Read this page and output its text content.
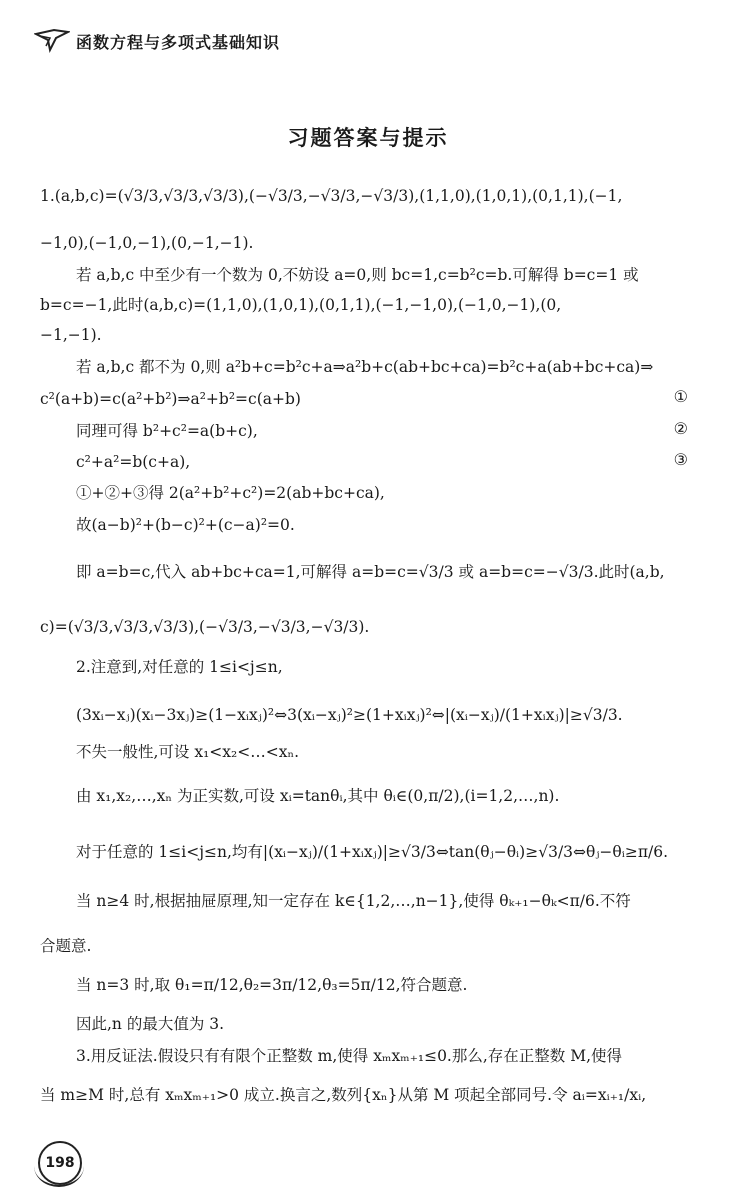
函数方程与多项式基础知识
习题答案与提示
1.(a,b,c)=(√3/3,√3/3,√3/3),(−√3/3,−√3/3,−√3/3),(1,1,0),(1,0,1),(0,1,1),(−1,
−1,0),(−1,0,−1),(0,−1,−1).
若 a,b,c 中至少有一个数为 0,不妨设 a=0,则 bc=1,c=b²c=b.可解得 b=c=1 或
b=c=−1,此时(a,b,c)=(1,1,0),(1,0,1),(0,1,1),(−1,−1,0),(−1,0,−1),(0,
−1,−1).
若 a,b,c 都不为 0,则 a²b+c=b²c+a⇒a²b+c(ab+bc+ca)=b²c+a(ab+bc+ca)⇒
c²(a+b)=c(a²+b²)⇒a²+b²=c(a+b)
同理可得 b²+c²=a(b+c),
c²+a²=b(c+a),
①+②+③得 2(a²+b²+c²)=2(ab+bc+ca),
故(a−b)²+(b−c)²+(c−a)²=0.
即 a=b=c,代入 ab+bc+ca=1,可解得 a=b=c=√3/3 或 a=b=c=−√3/3.此时(a,b,
c)=(√3/3,√3/3,√3/3),(−√3/3,−√3/3,−√3/3).
2.注意到,对任意的 1≤i<j≤n,
(3xᵢ−xⱼ)(xᵢ−3xⱼ)≥(1−xᵢxⱼ)²⇔3(xᵢ−xⱼ)²≥(1+xᵢxⱼ)²⇔|(xᵢ−xⱼ)/(1+xᵢxⱼ)|≥√3/3.
不失一般性,可设 x₁<x₂<…<xₙ.
由 x₁,x₂,…,xₙ 为正实数,可设 xᵢ=tanθᵢ,其中 θᵢ∈(0,π/2),(i=1,2,…,n).
对于任意的 1≤i<j≤n,均有|(xᵢ−xⱼ)/(1+xᵢxⱼ)|≥√3/3⇔tan(θⱼ−θᵢ)≥√3/3⇔θⱼ−θᵢ≥π/6.
当 n≥4 时,根据抽屉原理,知一定存在 k∈{1,2,…,n−1},使得 θₖ₊₁−θₖ<π/6.不符
合题意.
当 n=3 时,取 θ₁=π/12,θ₂=3π/12,θ₃=5π/12,符合题意.
因此,n 的最大值为 3.
3.用反证法.假设只有有限个正整数 m,使得 xₘxₘ₊₁≤0.那么,存在正整数 M,使得
当 m≥M 时,总有 xₘxₘ₊₁>0 成立.换言之,数列{xₙ}从第 M 项起全部同号.令 aᵢ=xᵢ₊₁/xᵢ,
①
②
③
198
